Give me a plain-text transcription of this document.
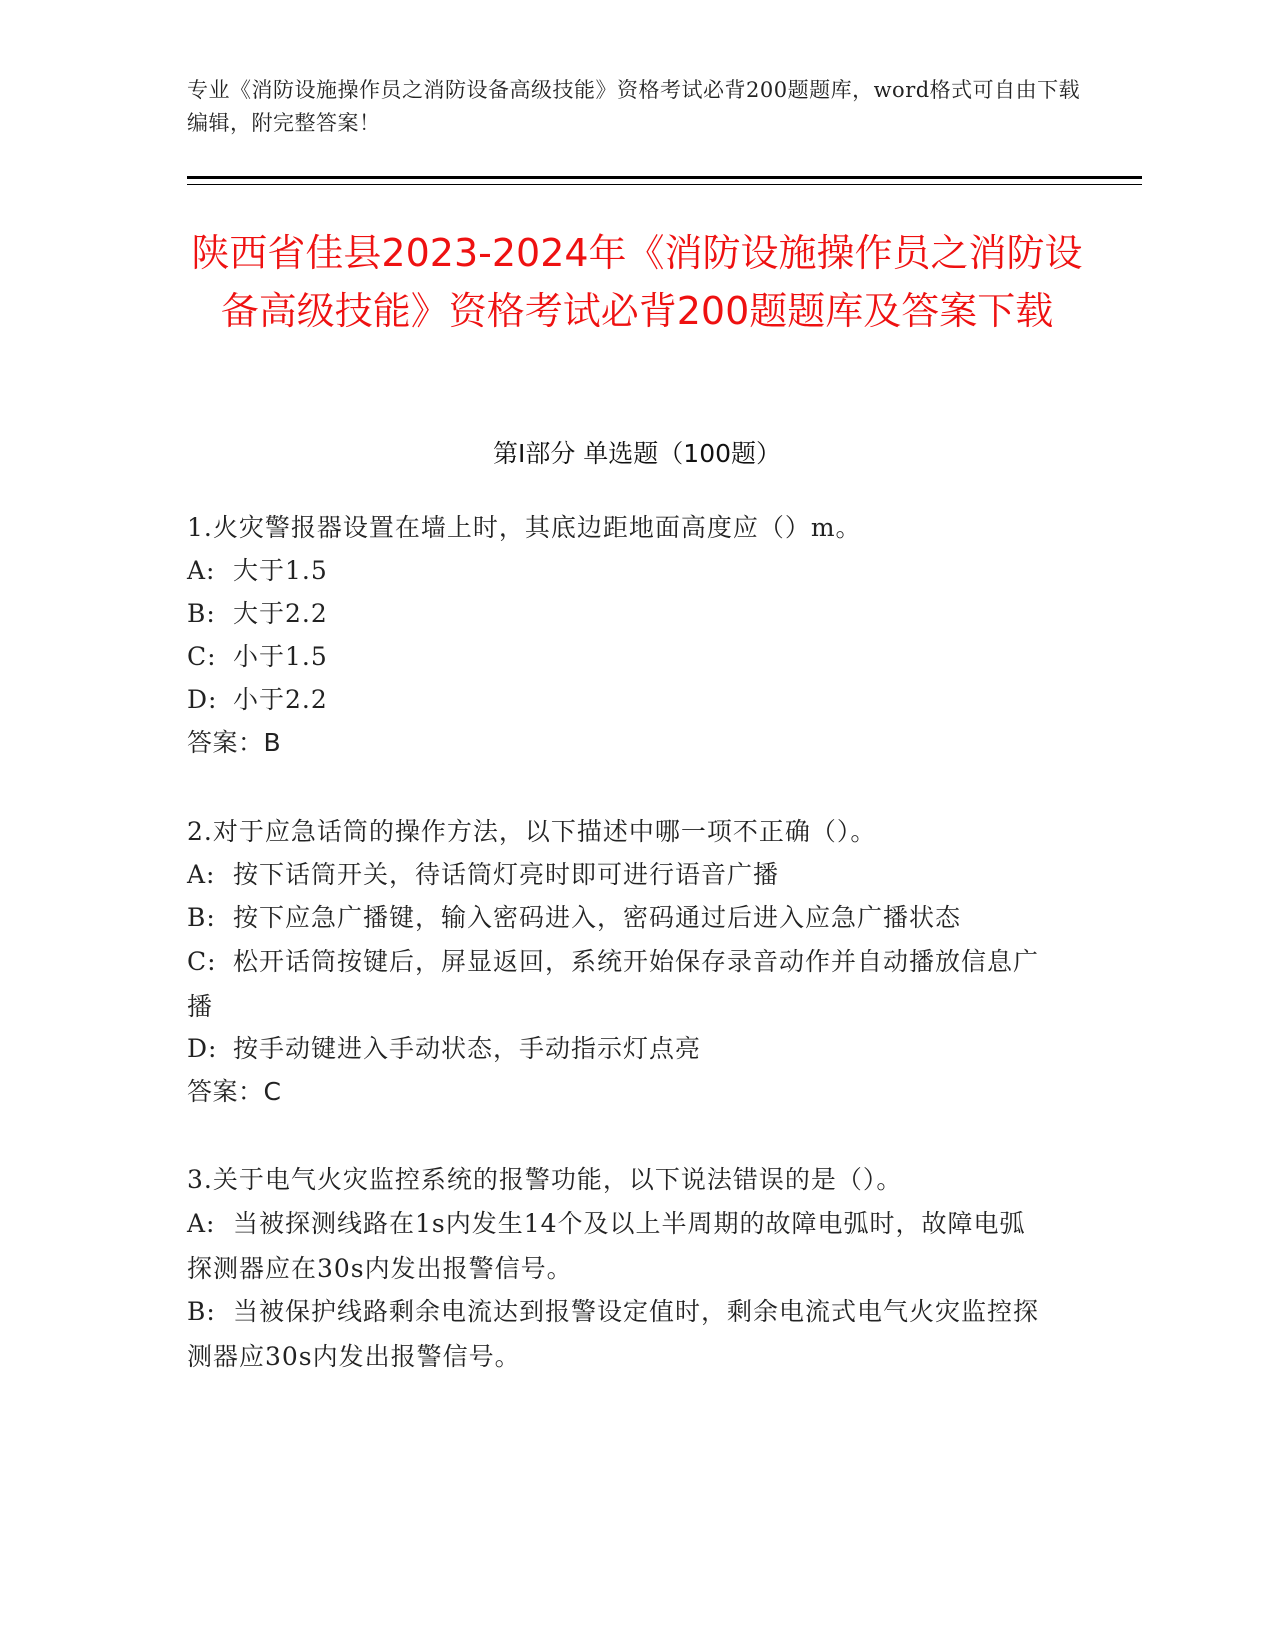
专业《消防设施操作员之消防设备高级技能》资格考试必背200题题库，word格式可自由下载编辑，附完整答案！
陕西省佳县2023-2024年《消防设施操作员之消防设备高级技能》资格考试必背200题题库及答案下载
第Ⅰ部分 单选题（100题）
1.火灾警报器设置在墙上时，其底边距地面高度应（）m。
A: 大于1.5
B: 大于2.2
C: 小于1.5
D: 小于2.2
答案：B
2.对于应急话筒的操作方法，以下描述中哪一项不正确（）。
A: 按下话筒开关，待话筒灯亮时即可进行语音广播
B: 按下应急广播键，输入密码进入，密码通过后进入应急广播状态
C: 松开话筒按键后，屏显返回，系统开始保存录音动作并自动播放信息广播
D: 按手动键进入手动状态，手动指示灯点亮
答案：C
3.关于电气火灾监控系统的报警功能，以下说法错误的是（）。
A: 当被探测线路在1s内发生14个及以上半周期的故障电弧时，故障电弧探测器应在30s内发出报警信号。
B: 当被保护线路剩余电流达到报警设定值时，剩余电流式电气火灾监控探测器应30s内发出报警信号。
